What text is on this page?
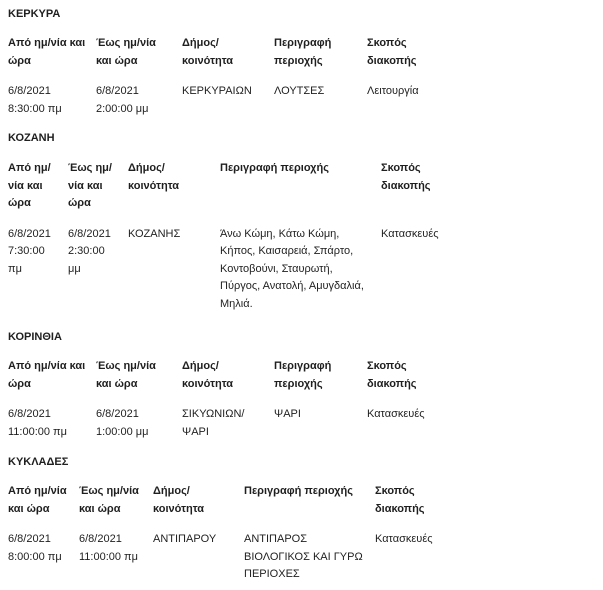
ΚΕΡΚΥΡΑ
Από ημ/νία και ώρα	Έως ημ/νία και ώρα	Δήμος/ κοινότητα	Περιγραφή περιοχής	Σκοπός διακοπής
6/8/2021 8:30:00 πμ	6/8/2021 2:00:00 μμ	ΚΕΡΚΥΡΑΙΩΝ	ΛΟΥΤΣΕΣ	Λειτουργία
ΚΟΖΑΝΗ
Από ημ/νία και ώρα	Έως ημ/νία και ώρα	Δήμος/ κοινότητα	Περιγραφή περιοχής	Σκοπός διακοπής
6/8/2021 7:30:00 πμ	6/8/2021 2:30:00 μμ	ΚΟΖΑΝΗΣ	Άνω Κώμη, Κάτω Κώμη, Κήπος, Καισαρειά, Σπάρτο, Κοντοβούνι, Σταυρωτή, Πύργος, Ανατολή, Αμυγδαλιά, Μηλιά.	Κατασκευές
ΚΟΡΙΝΘΙΑ
Από ημ/νία και ώρα	Έως ημ/νία και ώρα	Δήμος/ κοινότητα	Περιγραφή περιοχής	Σκοπός διακοπής
6/8/2021 11:00:00 πμ	6/8/2021 1:00:00 μμ	ΣΙΚΥΩΝΙΩΝ/ ΨΑΡΙ	ΨΑΡΙ	Κατασκευές
ΚΥΚΛΑΔΕΣ
Από ημ/νία και ώρα	Έως ημ/νία και ώρα	Δήμος/ κοινότητα	Περιγραφή περιοχής	Σκοπός διακοπής
6/8/2021 8:00:00 πμ	6/8/2021 11:00:00 πμ	ΑΝΤΙΠΑΡΟΥ	ΑΝΤΙΠΑΡΟΣ ΒΙΟΛΟΓΙΚΟΣ ΚΑΙ ΓΥΡΩ ΠΕΡΙΟΧΕΣ	Κατασκευές
